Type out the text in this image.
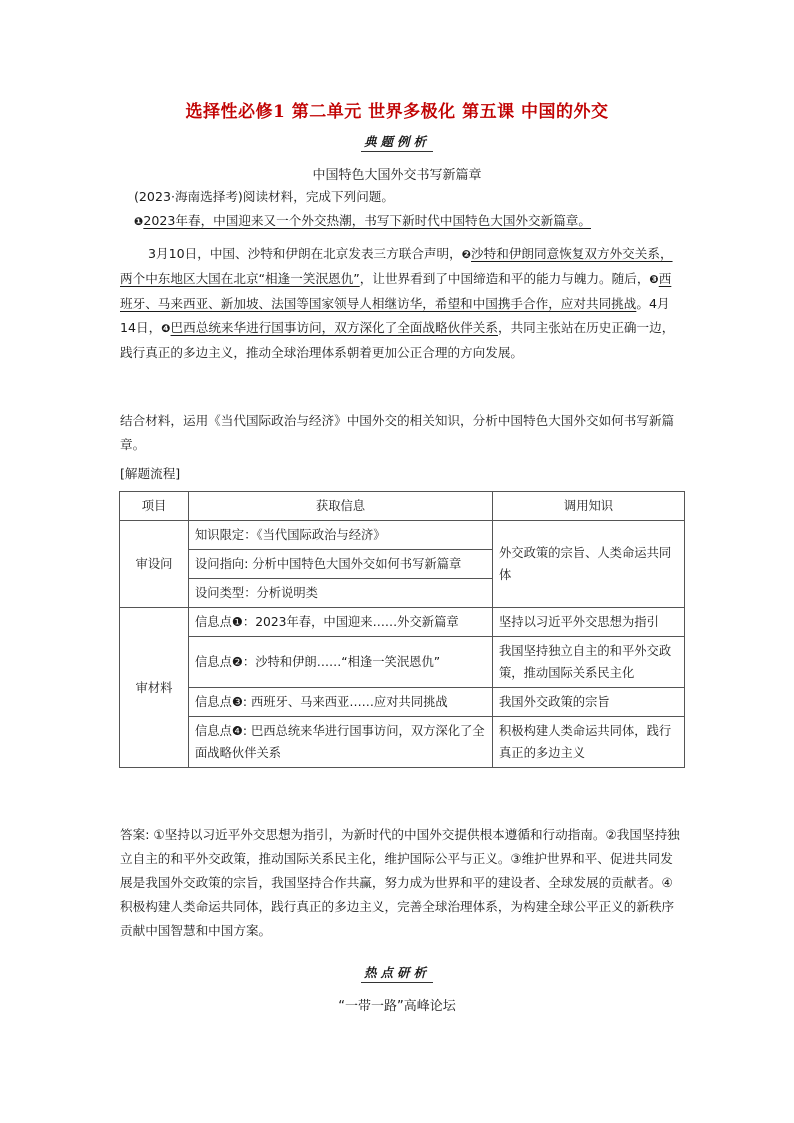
选择性必修1 第二单元 世界多极化 第五课 中国的外交
典题例析
中国特色大国外交书写新篇章
(2023·海南选择考)阅读材料，完成下列问题。
❶2023年春，中国迎来又一个外交热潮，书写下新时代中国特色大国外交新篇章。
3月10日，中国、沙特和伊朗在北京发表三方联合声明，❷沙特和伊朗同意恢复双方外交关系，两个中东地区大国在北京“相逢一笑泯恩仇”，让世界看到了中国缔造和平的能力与魄力。随后，❸西班牙、马来西亚、新加坡、法国等国家领导人相继访华，希望和中国携手合作，应对共同挑战。4月14日，❹巴西总统来华进行国事访问，双方深化了全面战略伙伴关系，共同主张站在历史正确一边，践行真正的多边主义，推动全球治理体系朝着更加公正合理的方向发展。
结合材料，运用《当代国际政治与经济》中国外交的相关知识，分析中国特色大国外交如何书写新篇章。
[解题流程]
项目	获取信息	调用知识
审设问	知识限定：《当代国际政治与经济》	外交政策的宗旨、人类命运共同体
	设问指向: 分析中国特色大国外交如何书写新篇章	
	设问类型：分析说明类	
审材料	信息点❶：2023年春，中国迎来……外交新篇章	坚持以习近平外交思想为指引
	信息点❷：沙特和伊朗……“相逢一笑泯恩仇”	我国坚持独立自主的和平外交政策，推动国际关系民主化
	信息点❸: 西班牙、马来西亚……应对共同挑战	我国外交政策的宗旨
	信息点❹: 巴西总统来华进行国事访问，双方深化了全面战略伙伴关系	积极构建人类命运共同体，践行真正的多边主义
答案: ①坚持以习近平外交思想为指引，为新时代的中国外交提供根本遵循和行动指南。②我国坚持独立自主的和平外交政策，推动国际关系民主化，维护国际公平与正义。③维护世界和平、促进共同发展是我国外交政策的宗旨，我国坚持合作共赢，努力成为世界和平的建设者、全球发展的贡献者。④积极构建人类命运共同体，践行真正的多边主义，完善全球治理体系，为构建全球公平正义的新秩序贡献中国智慧和中国方案。
热点研析
“一带一路”高峰论坛
